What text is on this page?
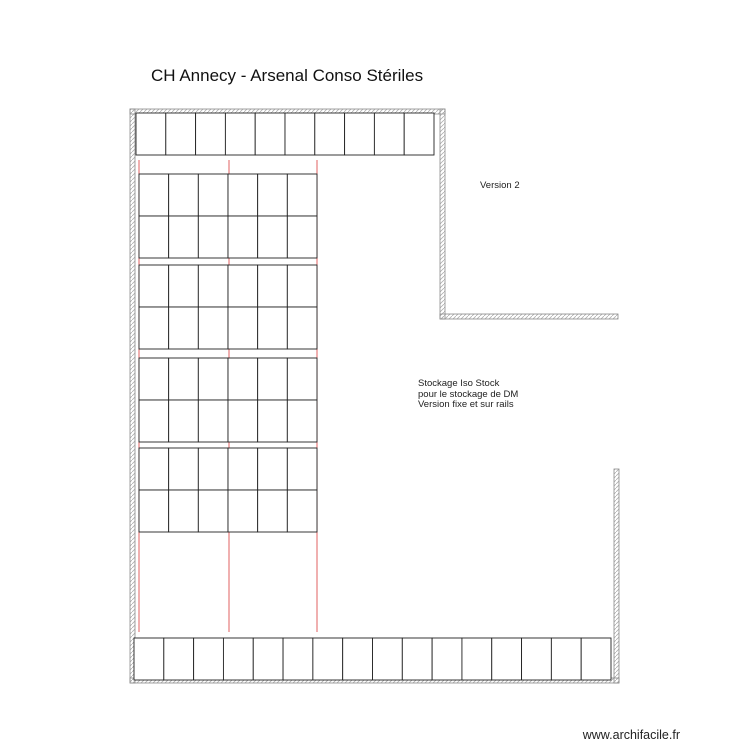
CH Annecy - Arsenal Conso Stériles
Version 2
Stockage Iso Stock
pour le stockage de DM
Version fixe et sur rails
www.archifacile.fr
